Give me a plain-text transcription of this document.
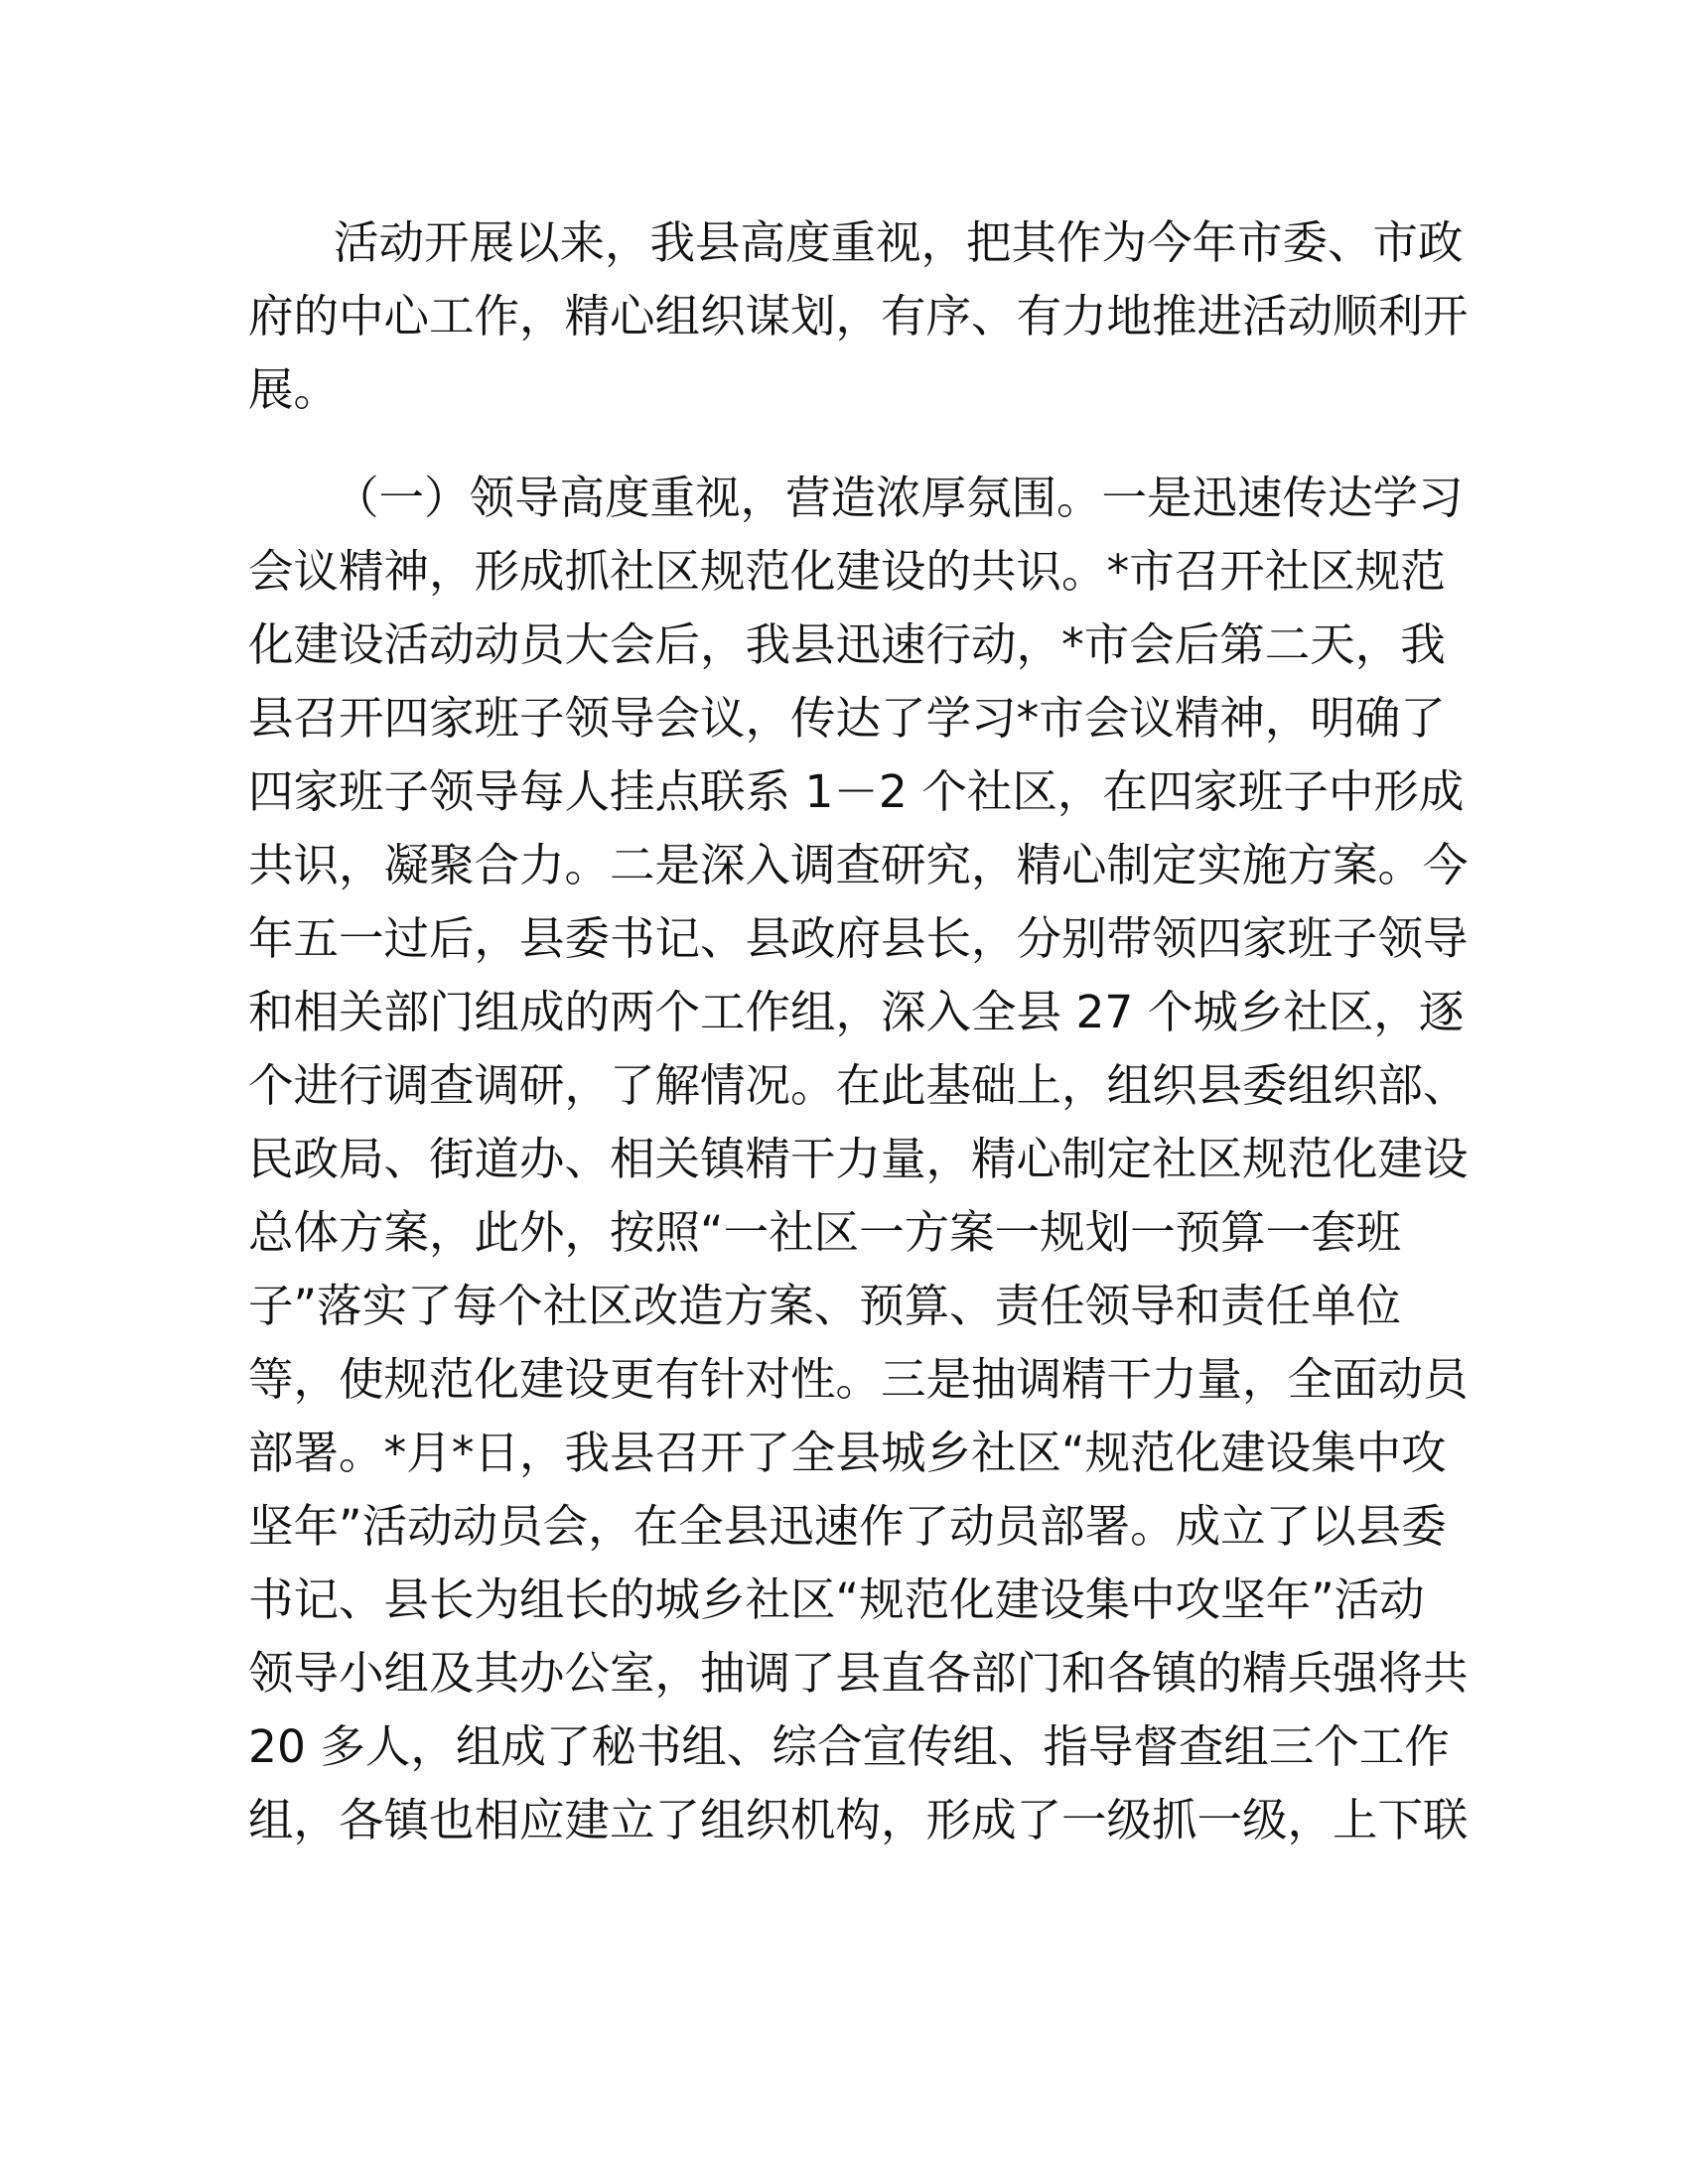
活动开展以来，我县高度重视，把其作为今年市委、市政
府的中心工作，精心组织谋划，有序、有力地推进活动顺利开
展。
（一）领导高度重视，营造浓厚氛围。一是迅速传达学习
会议精神，形成抓社区规范化建设的共识。*市召开社区规范
化建设活动动员大会后，我县迅速行动，*市会后第二天，我
县召开四家班子领导会议，传达了学习*市会议精神，明确了
四家班子领导每人挂点联系 1－2 个社区，在四家班子中形成
共识，凝聚合力。二是深入调查研究，精心制定实施方案。今
年五一过后，县委书记、县政府县长，分别带领四家班子领导
和相关部门组成的两个工作组，深入全县 27 个城乡社区，逐
个进行调查调研，了解情况。在此基础上，组织县委组织部、
民政局、街道办、相关镇精干力量，精心制定社区规范化建设
总体方案，此外，按照“一社区一方案一规划一预算一套班
子”落实了每个社区改造方案、预算、责任领导和责任单位
等，使规范化建设更有针对性。三是抽调精干力量，全面动员
部署。*月*日，我县召开了全县城乡社区“规范化建设集中攻
坚年”活动动员会，在全县迅速作了动员部署。成立了以县委
书记、县长为组长的城乡社区“规范化建设集中攻坚年”活动
领导小组及其办公室，抽调了县直各部门和各镇的精兵强将共
20 多人，组成了秘书组、综合宣传组、指导督查组三个工作
组，各镇也相应建立了组织机构，形成了一级抓一级，上下联
